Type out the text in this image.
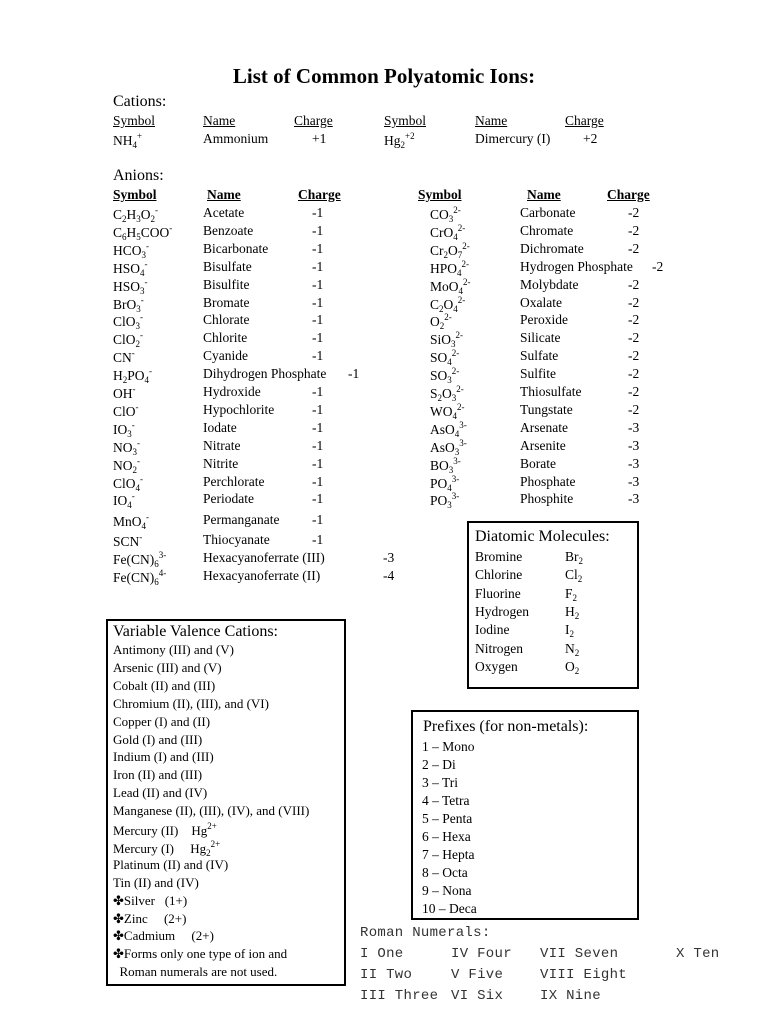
List of Common Polyatomic Ions:
Cations:
Symbol	Name	Charge
$NH_4^+$	Ammonium	+1
Symbol	Name	Charge
$Hg_2^{+2}$	Dimercury (I) +2
Anions:
Symbol	Name	Charge	Symbol	Name	Charge
$C_2H_3O_2^-$	Acetate	-1
$C_6H_5COO^-$ Benzoate	-1
$HCO_3^-$	Bicarbonate	-1
$HSO_4^-$	Bisulfate	-1
$HSO_3^-$	Bisulfite	-1
BrO$_3$-	Bromate	-1
ClO$_3$-	Chlorate	-1
ClO$_2$-	Chlorite	-1
CN-	Cyanide	-1
$H_2PO_4^-$	Dihydrogen Phosphate -1
OH-	Hydroxide	-1
ClO-	Hypochlorite	-1
$IO_3^-$	Iodate	-1
$NO_3^-$	Nitrate	-1
$NO_2^-$	Nitrite	-1
ClO$_4$-	Perchlorate	-1
$IO_4^-$	Periodate	-1
MnO$_4$-	Permanganate -1
SCN-	Thiocyanate	-1
$Fe(CN)_6^{3-}$	Hexacyanoferrate (III)	-3
$Fe(CN)_6^{4-}$	Hexacyanoferrate (II)	-4
$CO_3^{2-}$	Carbonate	-2
CrO$_4^{2-}$	Chromate	-2
$Cr_2O_7^{2-}$	Dichromate	-2
$HPO_4^{2-}$	Hydrogen Phosphate -2
MoO$_4^{2-}$	Molybdate	-2
$C_2O_4^{2-}$	Oxalate	-2
$O_2^{2-}$	Peroxide	-2
SiO$_3^{2-}$	Silicate	-2
$SO_4^{2-}$	Sulfate	-2
$SO_3^{2-}$	Sulfite	-2
$S_2O_3^{2-}$	Thiosulfate	-2
$WO_4^{2-}$	Tungstate	-2
AsO$_4^{3-}$	Arsenate	-3
AsO$_3^{3-}$	Arsenite	-3
$BO_3^{3-}$	Borate	-3
$PO_4^{3-}$	Phosphate	-3
$PO_3^{3-}$	Phosphite	-3
Diatomic Molecules:
Bromine	$Br_2$
Chlorine	$Cl_2$
Fluorine	$F_2$
Hydrogen	$H_2$
Iodine	$I_2$
Nitrogen	$N_2$
Oxygen	$O_2$
Variable Valence Cations:
Antimony (III) and (V)
Arsenic (III) and (V)
Cobalt (II) and (III)
Chromium (II), (III), and (VI)
Copper (I) and (II)
Gold (I) and (III)
Indium (I) and (III)
Iron (II) and (III)
Lead (II) and (IV)
Manganese (II), (III), (IV), and (VIII)
Mercury (II)    $Hg^{2+}$
Mercury (I)     $Hg_2^{2+}$
Platinum (II) and (IV)
Tin (II) and (IV)
✤Silver   (1+)
✤Zinc     (2+)
✤Cadmium     (2+)
✤Forms only one type of ion and
Roman numerals are not used.
Prefixes (for non-metals):
1 – Mono
2 – Di
3 – Tri
4 – Tetra
5 – Penta
6 – Hexa
7 – Hepta
8 – Octa
9 – Nona
10 – Deca
Roman Numerals:
I One	IV Four VII Seven	X Ten
II Two	V Five	VIII Eight
III Three VI Six	IX Nine
